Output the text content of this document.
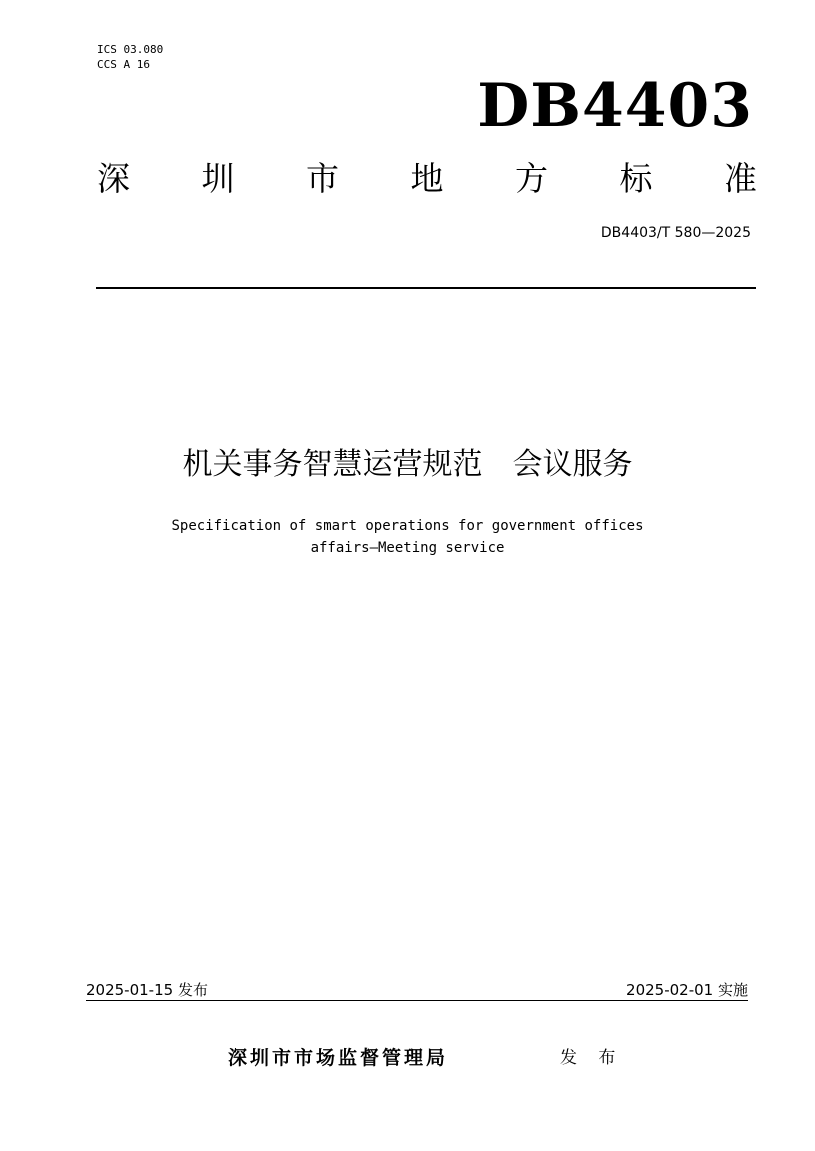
ICS 03.080
CCS A 16
DB4403
深 圳 市 地 方 标 准
DB4403/T 580—2025
机关事务智慧运营规范　会议服务
Specification of smart operations for government offices
affairs—Meeting service
2025-01-15 发布	2025-02-01 实施
深圳市市场监督管理局	发 布
